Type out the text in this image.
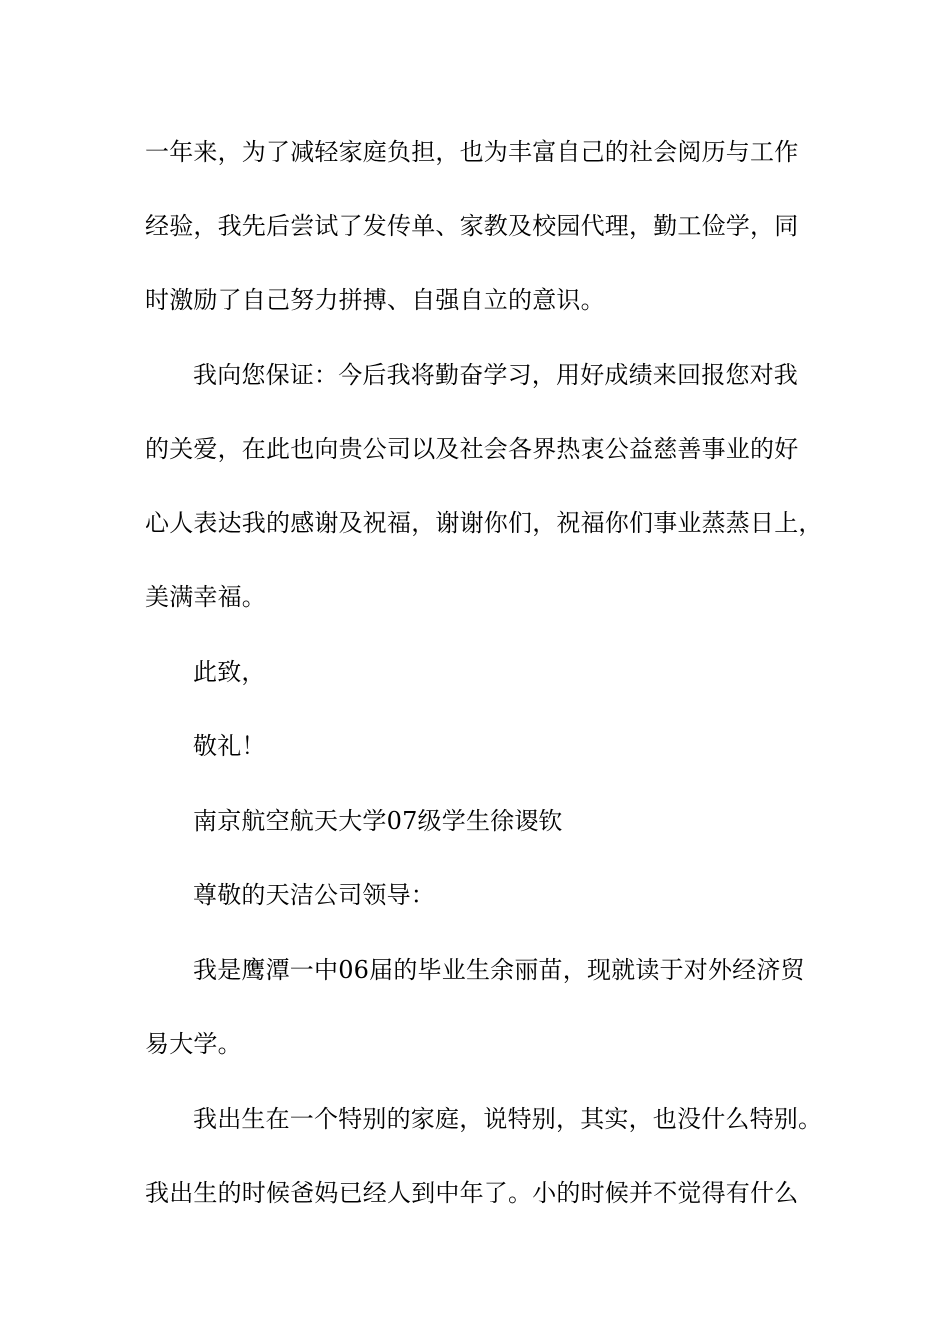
一年来，为了减轻家庭负担，也为丰富自己的社会阅历与工作
经验，我先后尝试了发传单、家教及校园代理，勤工俭学，同
时激励了自己努力拼搏、自强自立的意识。
我向您保证：今后我将勤奋学习，用好成绩来回报您对我
的关爱，在此也向贵公司以及社会各界热衷公益慈善事业的好
心人表达我的感谢及祝福，谢谢你们，祝福你们事业蒸蒸日上，
美满幸福。
此致，
敬礼！
南京航空航天大学07级学生徐谡钦
尊敬的天洁公司领导：
我是鹰潭一中06届的毕业生余丽苗，现就读于对外经济贸
易大学。
我出生在一个特别的家庭，说特别，其实，也没什么特别。
我出生的时候爸妈已经人到中年了。小的时候并不觉得有什么
